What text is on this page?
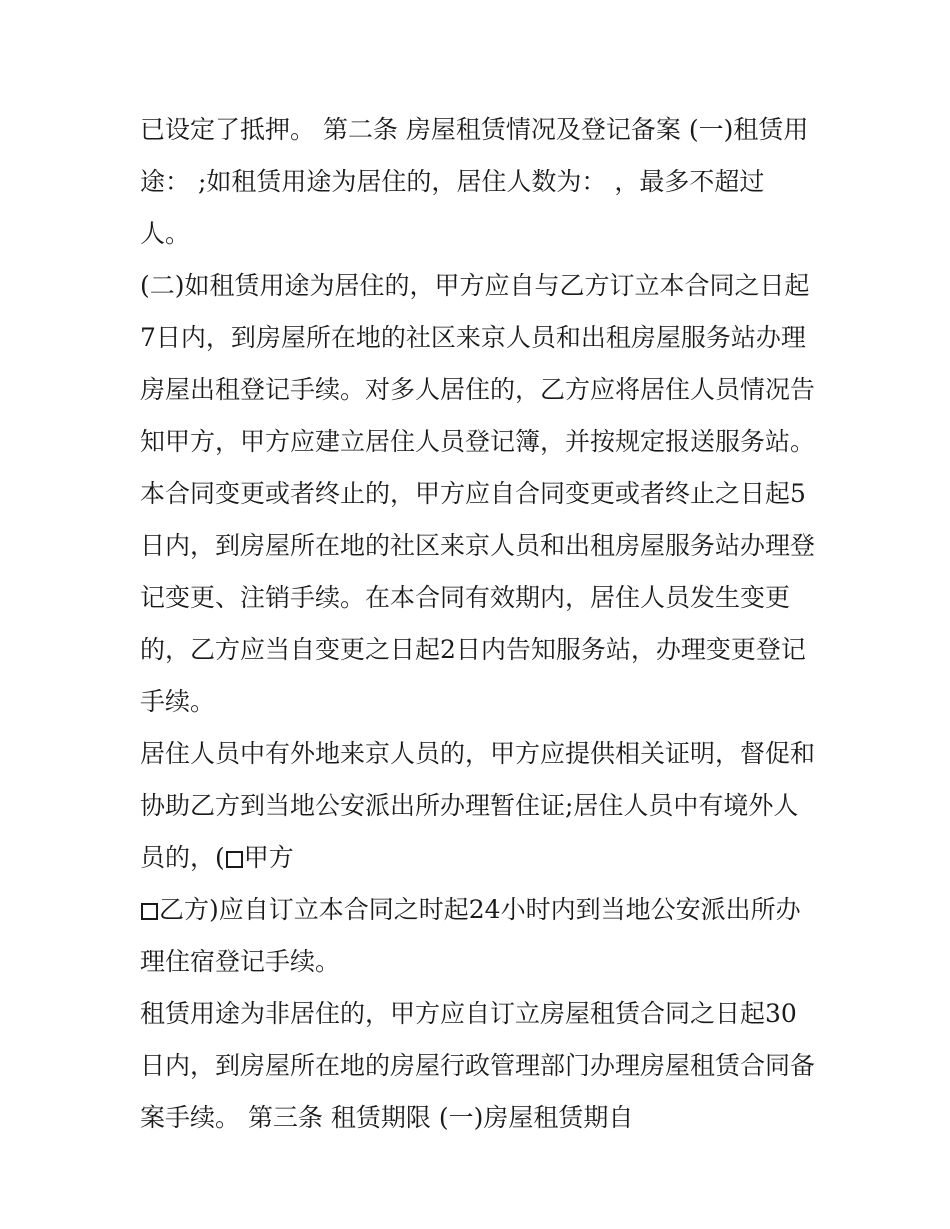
已设定了抵押。 第二条 房屋租赁情况及登记备案 (一)租赁用
途： ;如租赁用途为居住的，居住人数为： ，最多不超过
人。
(二)如租赁用途为居住的，甲方应自与乙方订立本合同之日起
7日内，到房屋所在地的社区来京人员和出租房屋服务站办理
房屋出租登记手续。对多人居住的，乙方应将居住人员情况告
知甲方，甲方应建立居住人员登记簿，并按规定报送服务站。
本合同变更或者终止的，甲方应自合同变更或者终止之日起5
日内，到房屋所在地的社区来京人员和出租房屋服务站办理登
记变更、注销手续。在本合同有效期内，居住人员发生变更
的，乙方应当自变更之日起2日内告知服务站，办理变更登记
手续。
居住人员中有外地来京人员的，甲方应提供相关证明，督促和
协助乙方到当地公安派出所办理暂住证;居住人员中有境外人
员的，( 甲方
乙方)应自订立本合同之时起24小时内到当地公安派出所办
理住宿登记手续。
租赁用途为非居住的，甲方应自订立房屋租赁合同之日起30
日内，到房屋所在地的房屋行政管理部门办理房屋租赁合同备
案手续。 第三条 租赁期限 (一)房屋租赁期自
